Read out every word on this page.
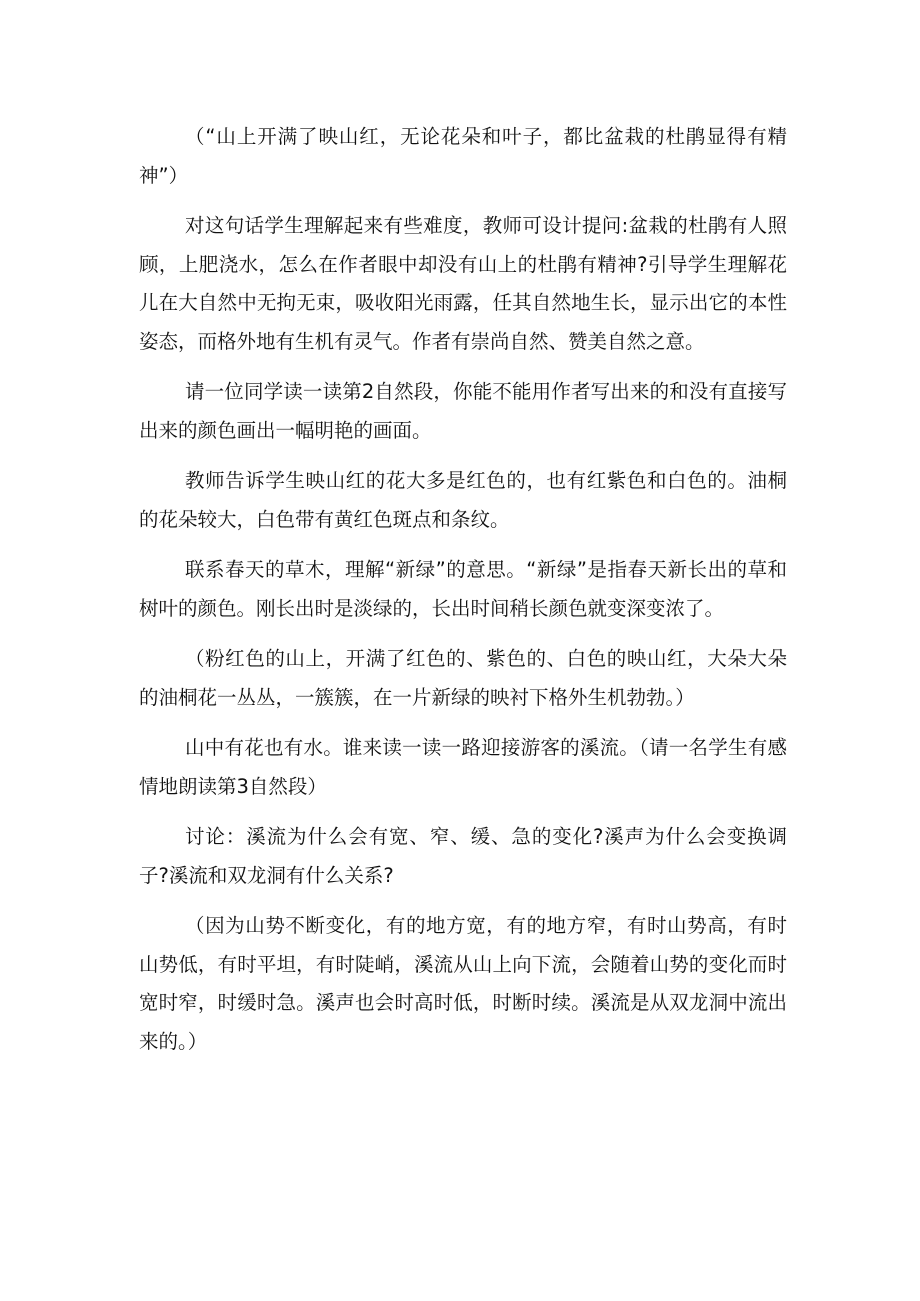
（“山上开满了映山红，无论花朵和叶子，都比盆栽的杜鹃显得有精神”）

对这句话学生理解起来有些难度，教师可设计提问:盆栽的杜鹃有人照顾，上肥浇水，怎么在作者眼中却没有山上的杜鹃有精神?引导学生理解花儿在大自然中无拘无束，吸收阳光雨露，任其自然地生长，显示出它的本性姿态，而格外地有生机有灵气。作者有崇尚自然、赞美自然之意。

请一位同学读一读第2自然段，你能不能用作者写出来的和没有直接写出来的颜色画出一幅明艳的画面。

教师告诉学生映山红的花大多是红色的，也有红紫色和白色的。油桐的花朵较大，白色带有黄红色斑点和条纹。

联系春天的草木，理解“新绿”的意思。“新绿”是指春天新长出的草和树叶的颜色。刚长出时是淡绿的，长出时间稍长颜色就变深变浓了。

（粉红色的山上，开满了红色的、紫色的、白色的映山红，大朵大朵的油桐花一丛丛，一簇簇，在一片新绿的映衬下格外生机勃勃。）

山中有花也有水。谁来读一读一路迎接游客的溪流。（请一名学生有感情地朗读第3自然段）

讨论：溪流为什么会有宽、窄、缓、急的变化?溪声为什么会变换调子?溪流和双龙洞有什么关系?

（因为山势不断变化，有的地方宽，有的地方窄，有时山势高，有时山势低，有时平坦，有时陡峭，溪流从山上向下流，会随着山势的变化而时宽时窄，时缓时急。溪声也会时高时低，时断时续。溪流是从双龙洞中流出来的。）
